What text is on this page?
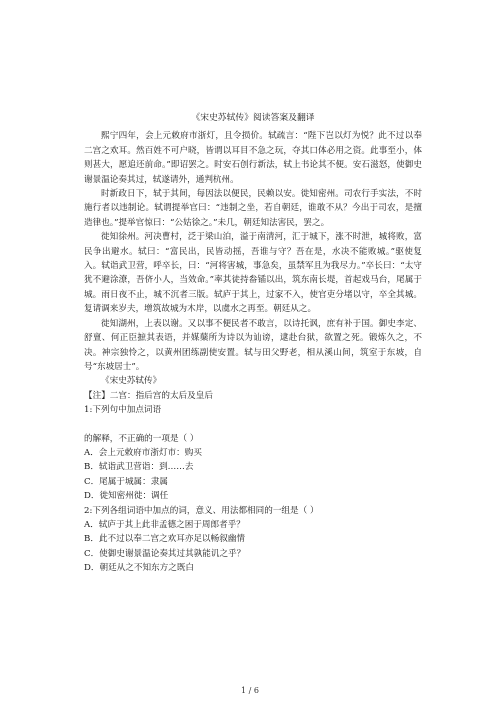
《宋史苏轼传》阅读答案及翻译

熙宁四年，会上元敕府市浙灯，且令损价。轼疏言：“陛下岂以灯为悦？此不过以奉二宫之欢耳。然百姓不可户晓，皆谓以耳目不急之玩，夺其口体必用之资。此事至小，体则甚大，愿追还前命。”即诏罢之。时安石创行新法，轼上书论其不便。安石滋怒，使御史谢景温论奏其过，轼遂请外，通判杭州。

时新政日下，轼于其间，每因法以便民，民赖以安。徙知密州。司农行手实法，不时施行者以违制论。轼谓提举官曰：“违制之坐，若自朝廷，谁敢不从？今出于司农，是擅造律也。”提举官惊曰：“公姑徐之。”未几，朝廷知法害民，罢之。

徙知徐州。河决曹村，泛于梁山泊，溢于南清河，汇于城下，涨不时泄，城将败，富民争出避水。轼曰：“富民出，民皆动摇，吾谁与守？吾在是，水决不能败城。”驱使复入。轼诣武卫营，呼卒长，曰：“河将害城，事急矣，虽禁军且为我尽力。”卒长曰：“太守犹不避涂潦，吾侪小人，当效命。”率其徒持畚锸以出，筑东南长堤，首起戏马台，尾属于城。雨日夜不止，城不沉者三版。轼庐于其上，过家不入，使官吏分堵以守，卒全其城。复请调来岁夫，增筑故城为木岸，以虞水之再至。朝廷从之。

徙知湖州，上表以谢。又以事不便民者不敢言，以诗托讽，庶有补于国。御史李定、舒亶、何正臣摭其表语，并媒蘖所为诗以为讪谤，逮赴台狱，欲置之死。锻炼久之，不决。神宗独怜之，以黄州团练副使安置。轼与田父野老，相从溪山间，筑室于东坡，自号“东坡居士”。

《宋史苏轼传》

【注】二宫：指后宫的太后及皇后

1:下列句中加点词语

的解释，不正确的一项是（ ）

A．会上元敕府市浙灯市：购买

B．轼诣武卫营诣：到……去

C．尾属于城属：隶属

D．徙知密州徙：调任

2:下列各组词语中加点的词，意义、用法都相同的一组是（ ）

A．轼庐于其上此非孟德之困于周郎者乎？

B．此不过以奉二宫之欢耳亦足以畅叙幽情

C．使御史谢景温论奏其过其孰能讥之乎？

D．朝廷从之不知东方之既白

1 / 6
